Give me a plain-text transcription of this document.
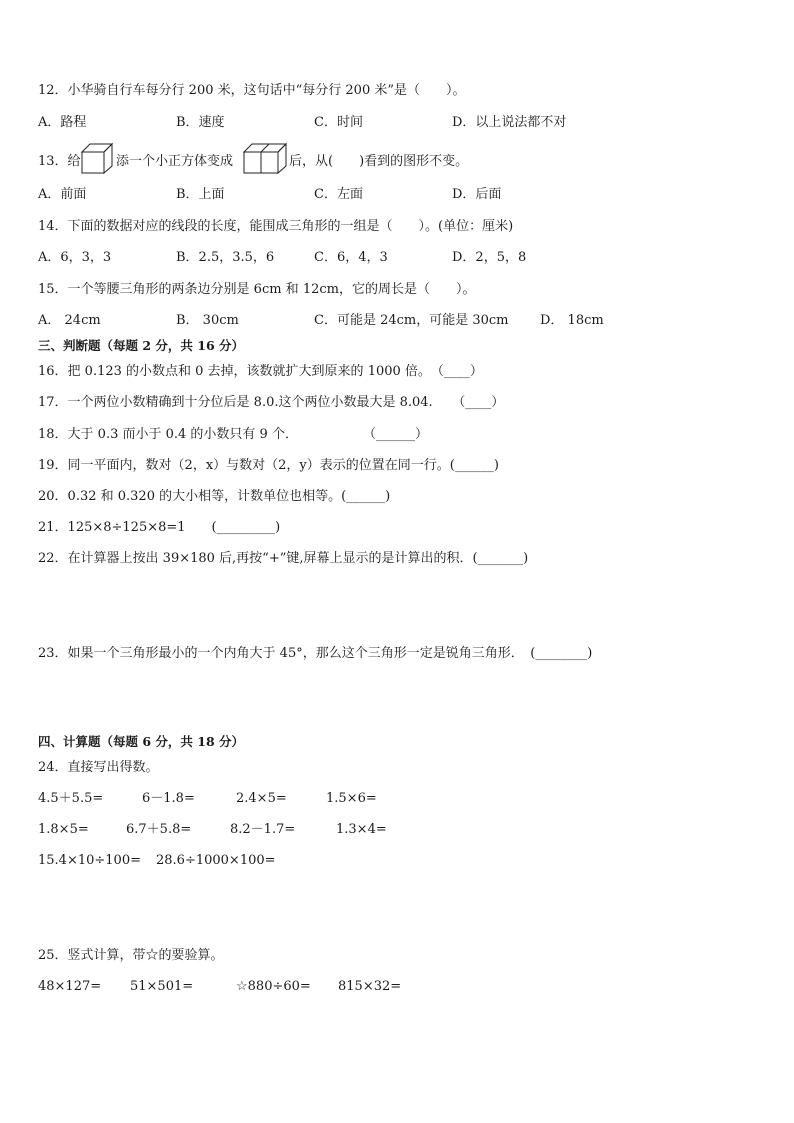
12．小华骑自行车每分行 200 米，这句话中“每分行 200 米”是（　　）。
A．路程	B．速度	C．时间	D．以上说法都不对
13．给	添一个小正方体变成	后，从(　　)看到的图形不变。
A．前面	B．上面	C．左面	D．后面
14．下面的数据对应的线段的长度，能围成三角形的一组是（　　）。(单位：厘米)
A．6，3，3	B．2.5，3.5，6	C．6，4，3	D．2，5，8
15．一个等腰三角形的两条边分别是 6cm 和 12cm，它的周长是（　　）。
A． 24cm	B． 30cm	C．可能是 24cm，可能是 30cm D． 18cm
三、判断题（每题 2 分，共 16 分）
16．把 0.123 的小数点和 0 去掉，该数就扩大到原来的 1000 倍。　（____）
17．一个两位小数精确到十分位后是 8.0.这个两位小数最大是 8.04.　　（____）
18．大于 0.3 而小于 0.4 的小数只有 9 个．　　　　　　（______）
19．同一平面内，数对（2，x）与数对（2，y）表示的位置在同一行。(______)
20．0.32 和 0.320 的大小相等，计数单位也相等。(______)
21．125×8÷125×8=1　　(_________)
22．在计算器上按出 39×180 后,再按“+”键,屏幕上显示的是计算出的积．(_______)
23．如果一个三角形最小的一个内角大于 45°，那么这个三角形一定是锐角三角形．　(________)
四、计算题（每题 6 分，共 18 分）
24．直接写出得数。
4.5＋5.5=	6－1.8=	2.4×5=	1.5×6=
1.8×5=	6.7＋5.8=	8.2－1.7=	1.3×4=
15.4×10÷100= 28.6÷1000×100=
25．竖式计算，带☆的要验算。
48×127= 51×501=	☆880÷60= 815×32=
